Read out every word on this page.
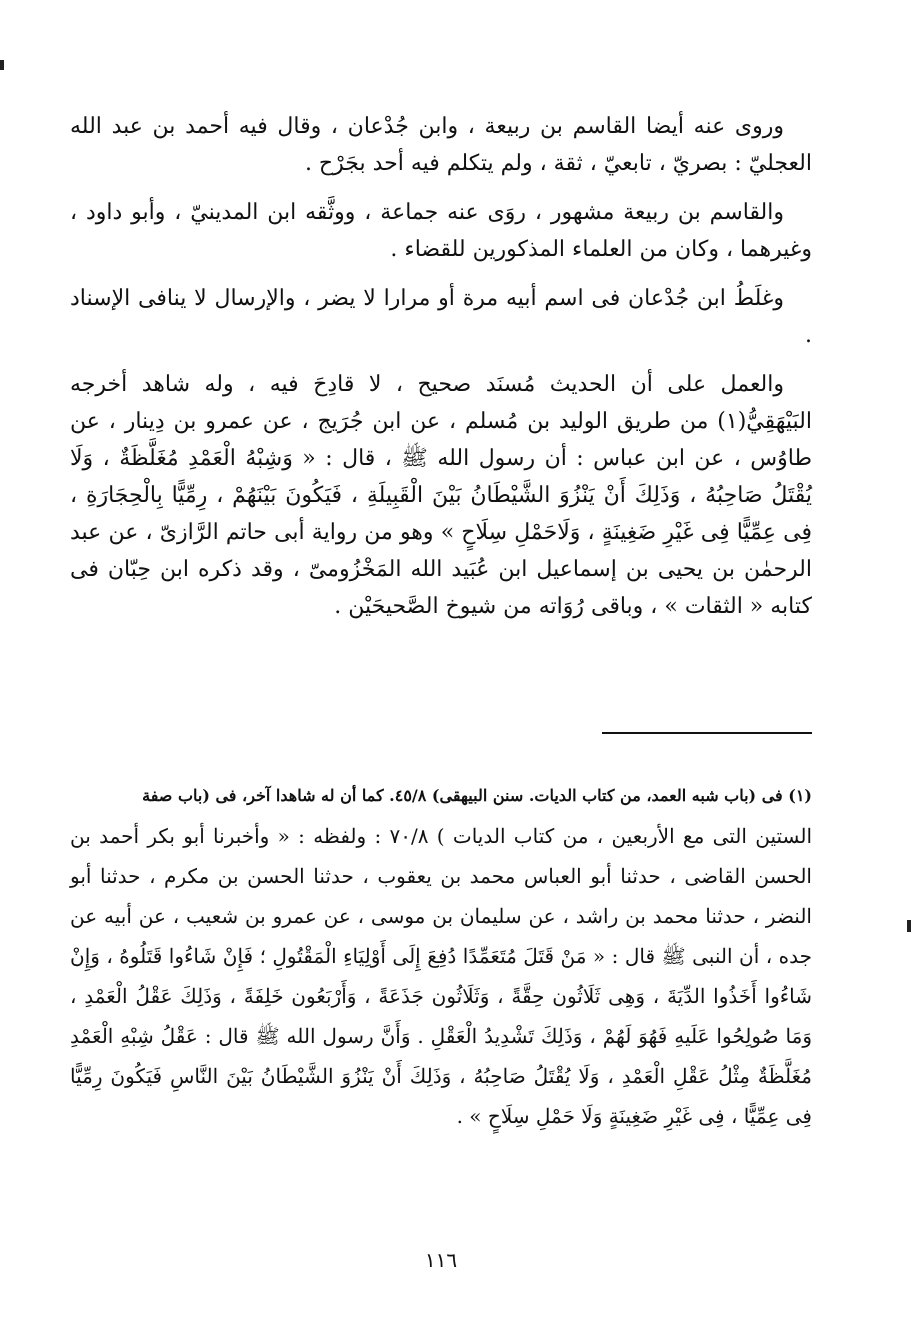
وروى عنه أيضا القاسم بن ربيعة ، وابن جُدْعان ، وقال فيه أحمد بن عبد الله العجليّ : بصريّ ، تابعيّ ، ثقة ، ولم يتكلم فيه أحد بجَرْح .

والقاسم بن ربيعة مشهور ، روَى عنه جماعة ، ووثَّقه ابن المدينيّ ، وأبو داود ، وغيرهما ، وكان من العلماء المذكورين للقضاء .

وغلَطُ ابن جُدْعان فى اسم أبيه مرة أو مرارا لا يضر ، والإرسال لا ينافى الإسناد .

والعمل على أن الحديث مُسنَد صحيح ، لا قادِحَ فيه ، وله شاهد أخرجه البَيْهَقِيُّ(١) من طريق الوليد بن مُسلم ، عن ابن جُرَيج ، عن عمرو بن دِينار ، عن طاوُس ، عن ابن عباس : أن رسول الله ﷺ ، قال : « وَشِبْهُ الْعَمْدِ مُغَلَّظَةٌ ، وَلَا يُقْتَلُ صَاحِبُهُ ، وَذَلِكَ أَنْ يَنْزُوَ الشَّيْطَانُ بَيْنَ الْقَبِيلَةِ ، فَيَكُونَ بَيْنَهُمْ ، رِمِّيًّا بِالْحِجَارَةِ ، فِى عِمِّيًّا فِى غَيْرِ ضَغِينَةٍ ، وَلَاحَمْلِ سِلَاحٍ » وهو من رواية أبى حاتم الرَّازىّ ، عن عبد الرحمٰن بن يحيى بن إسماعيل ابن عُبَيد الله المَخْزُومىّ ، وقد ذكره ابن حِبّان فى كتابه « الثقات » ، وباقى رُوَاته من شيوخ الصَّحيحَيْن .

(١) فى (باب شبه العمد، من كتاب الديات. سنن البيهقى) ٤٥/٨. كما أن له شاهدا آخر، فى (باب صفة

الستين التى مع الأربعين ، من كتاب الديات ) ٧٠/٨ : ولفظه : « وأخبرنا أبو بكر أحمد بن الحسن القاضى ، حدثنا أبو العباس محمد بن يعقوب ، حدثنا الحسن بن مكرم ، حدثنا أبو النضر ، حدثنا محمد بن راشد ، عن سليمان بن موسى ، عن عمرو بن شعيب ، عن أبيه عن جده ، أن النبى ﷺ قال : « مَنْ قَتَلَ مُتَعَمِّدًا دُفِعَ إِلَى أَوْلِيَاءِ الْمَقْتُولِ ؛ فَإِنْ شَاءُوا قَتَلُوهُ ، وَإِنْ شَاءُوا أَخَذُوا الدِّيَةَ ، وَهِى ثَلَاثُون حِقَّةً ، وَثَلَاثُون جَذَعَةً ، وَأَرْبَعُون خَلِفَةً ، وَذَلِكَ عَقْلُ الْعَمْدِ ، وَمَا صُولِحُوا عَلَيهِ فَهُوَ لَهُمْ ، وَذَلِكَ تَشْدِيدُ الْعَقْلِ . وَأَنَّ رسول الله ﷺ قال : عَقْلُ شِبْهِ الْعَمْدِ مُغَلَّظَةٌ مِثْلُ عَقْلِ الْعَمْدِ ، وَلَا يُقْتَلُ صَاحِبُهُ ، وَذَلِكَ أَنْ يَنْزُوَ الشَّيْطَانُ بَيْنَ النَّاسِ فَيَكُونَ رِمِّيًّا فِى عِمِّيًّا ، فِى غَيْرِ ضَغِينَةٍ وَلَا حَمْلِ سِلَاحٍ » .

١١٦
